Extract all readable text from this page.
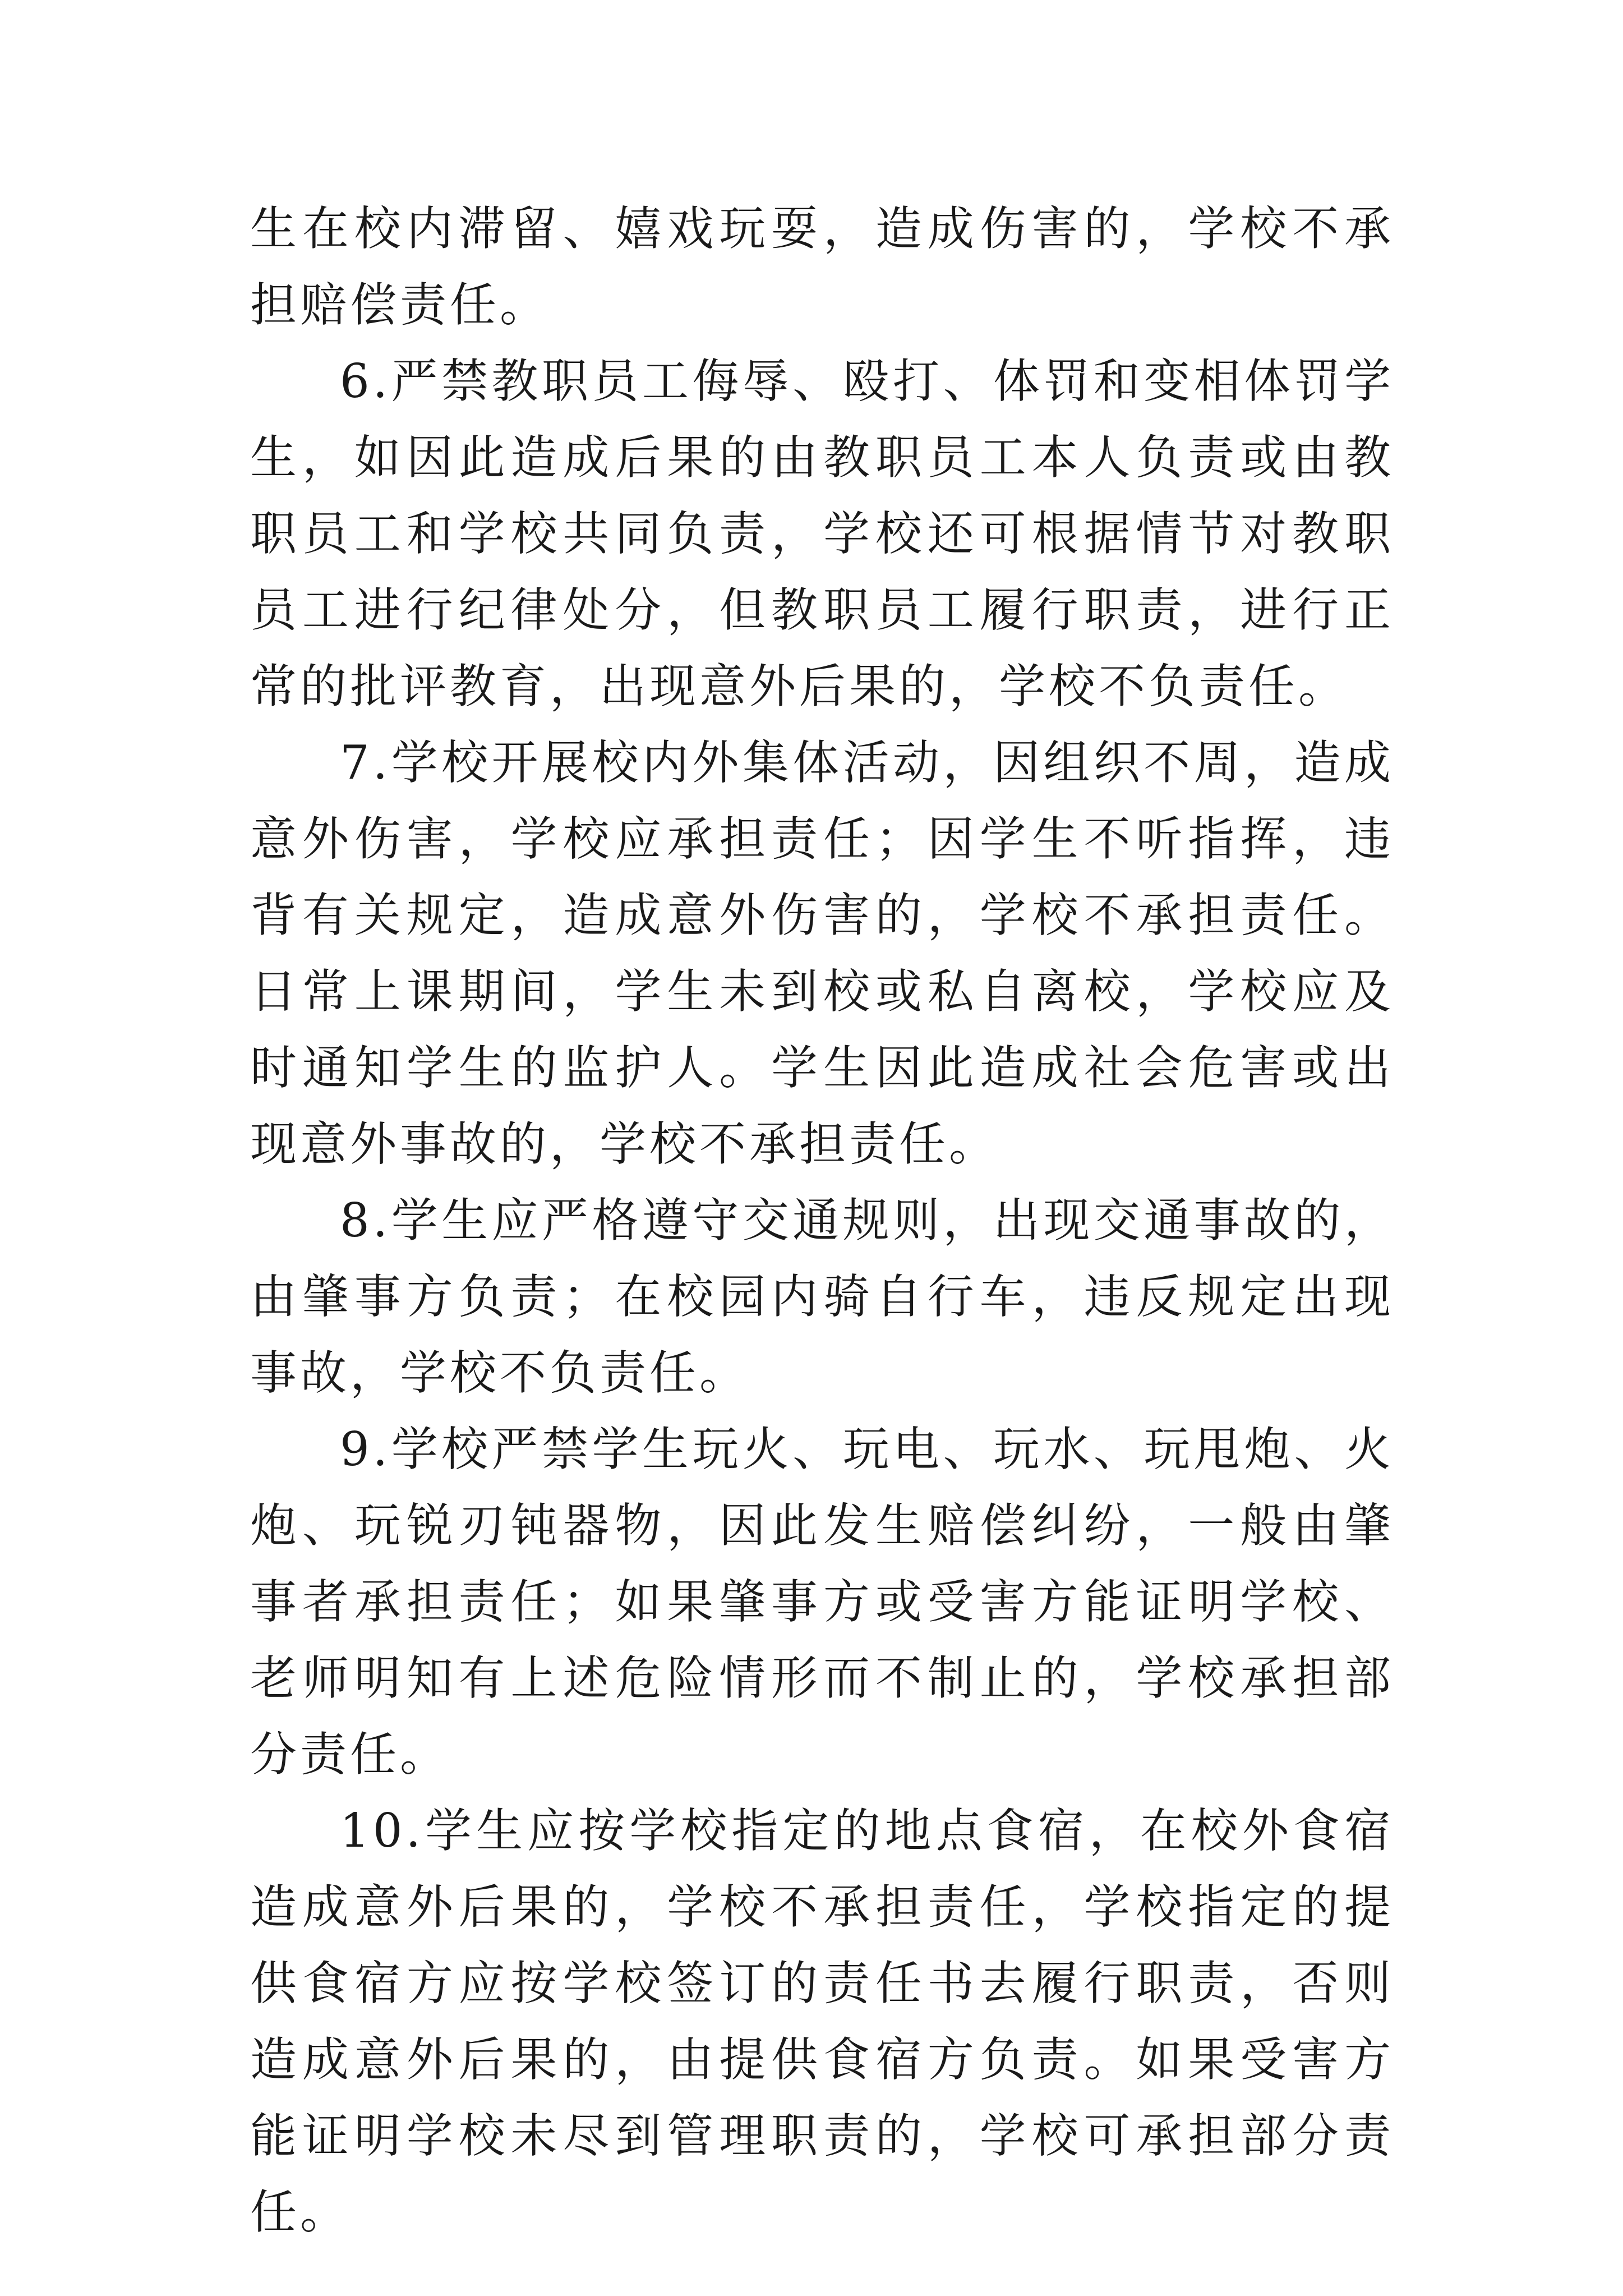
生在校内滞留、嬉戏玩耍，造成伤害的，学校不承担赔偿责任。

6.严禁教职员工侮辱、殴打、体罚和变相体罚学生，如因此造成后果的由教职员工本人负责或由教职员工和学校共同负责，学校还可根据情节对教职员工进行纪律处分，但教职员工履行职责，进行正常的批评教育，出现意外后果的，学校不负责任。

7.学校开展校内外集体活动，因组织不周，造成意外伤害，学校应承担责任；因学生不听指挥，违背有关规定，造成意外伤害的，学校不承担责任。日常上课期间，学生未到校或私自离校，学校应及时通知学生的监护人。学生因此造成社会危害或出现意外事故的，学校不承担责任。

8.学生应严格遵守交通规则，出现交通事故的，由肇事方负责；在校园内骑自行车，违反规定出现事故，学校不负责任。

9.学校严禁学生玩火、玩电、玩水、玩甩炮、火炮、玩锐刃钝器物，因此发生赔偿纠纷，一般由肇事者承担责任；如果肇事方或受害方能证明学校、老师明知有上述危险情形而不制止的，学校承担部分责任。

10.学生应按学校指定的地点食宿，在校外食宿造成意外后果的，学校不承担责任，学校指定的提供食宿方应按学校签订的责任书去履行职责，否则造成意外后果的，由提供食宿方负责。如果受害方能证明学校未尽到管理职责的，学校可承担部分责任。
